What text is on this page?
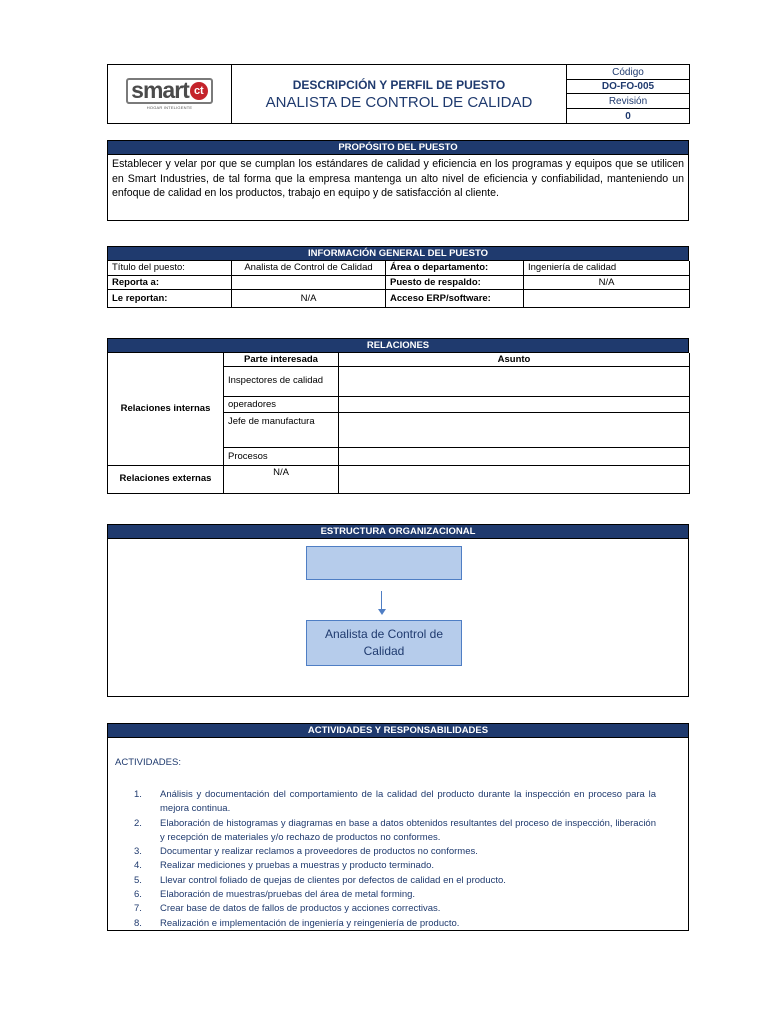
smart ct
HOGAR INTELIGENTE

DESCRIPCIÓN Y PERFIL DE PUESTO
ANALISTA DE CONTROL DE CALIDAD
	Código
DO-FO-005
Revisión
0
PROPÓSITO DEL PUESTO
Establecer y velar por que se cumplan los estándares de calidad y eficiencia en los programas y equipos que se utilicen en Smart Industries, de tal forma que la empresa mantenga un alto nivel de eficiencia y confiabilidad, manteniendo un enfoque de calidad en los productos, trabajo en equipo y de satisfacción al cliente.
INFORMACIÓN GENERAL DEL PUESTO
Título del puesto:	Analista de Control de Calidad	Área o departamento:	Ingeniería de calidad
Reporta a:		Puesto de respaldo:	N/A
Le reportan:	N/A	Acceso ERP/software:	
RELACIONES
Relaciones internas	Parte interesada	Asunto
	Inspectores de calidad	
	operadores	
	Jefe de manufactura	
	Procesos	
Relaciones externas	N/A	
ESTRUCTURA ORGANIZACIONAL
Analista de Control de Calidad
ACTIVIDADES Y RESPONSABILIDADES
ACTIVIDADES:
1.	Análisis y documentación del comportamiento de la calidad del producto durante la inspección en proceso para la mejora continua.
2.	Elaboración de histogramas y diagramas en base a datos obtenidos resultantes del proceso de inspección, liberación y recepción de materiales y/o rechazo de productos no conformes.
3.	Documentar y realizar reclamos a proveedores de productos no conformes.
4.	Realizar mediciones y pruebas a muestras y producto terminado.
5.	Llevar control foliado de quejas de clientes por defectos de calidad en el producto.
6.	Elaboración de muestras/pruebas del área de metal forming.
7.	Crear base de datos de fallos de productos y acciones correctivas.
8.	Realización e implementación de ingeniería y reingeniería de producto.
